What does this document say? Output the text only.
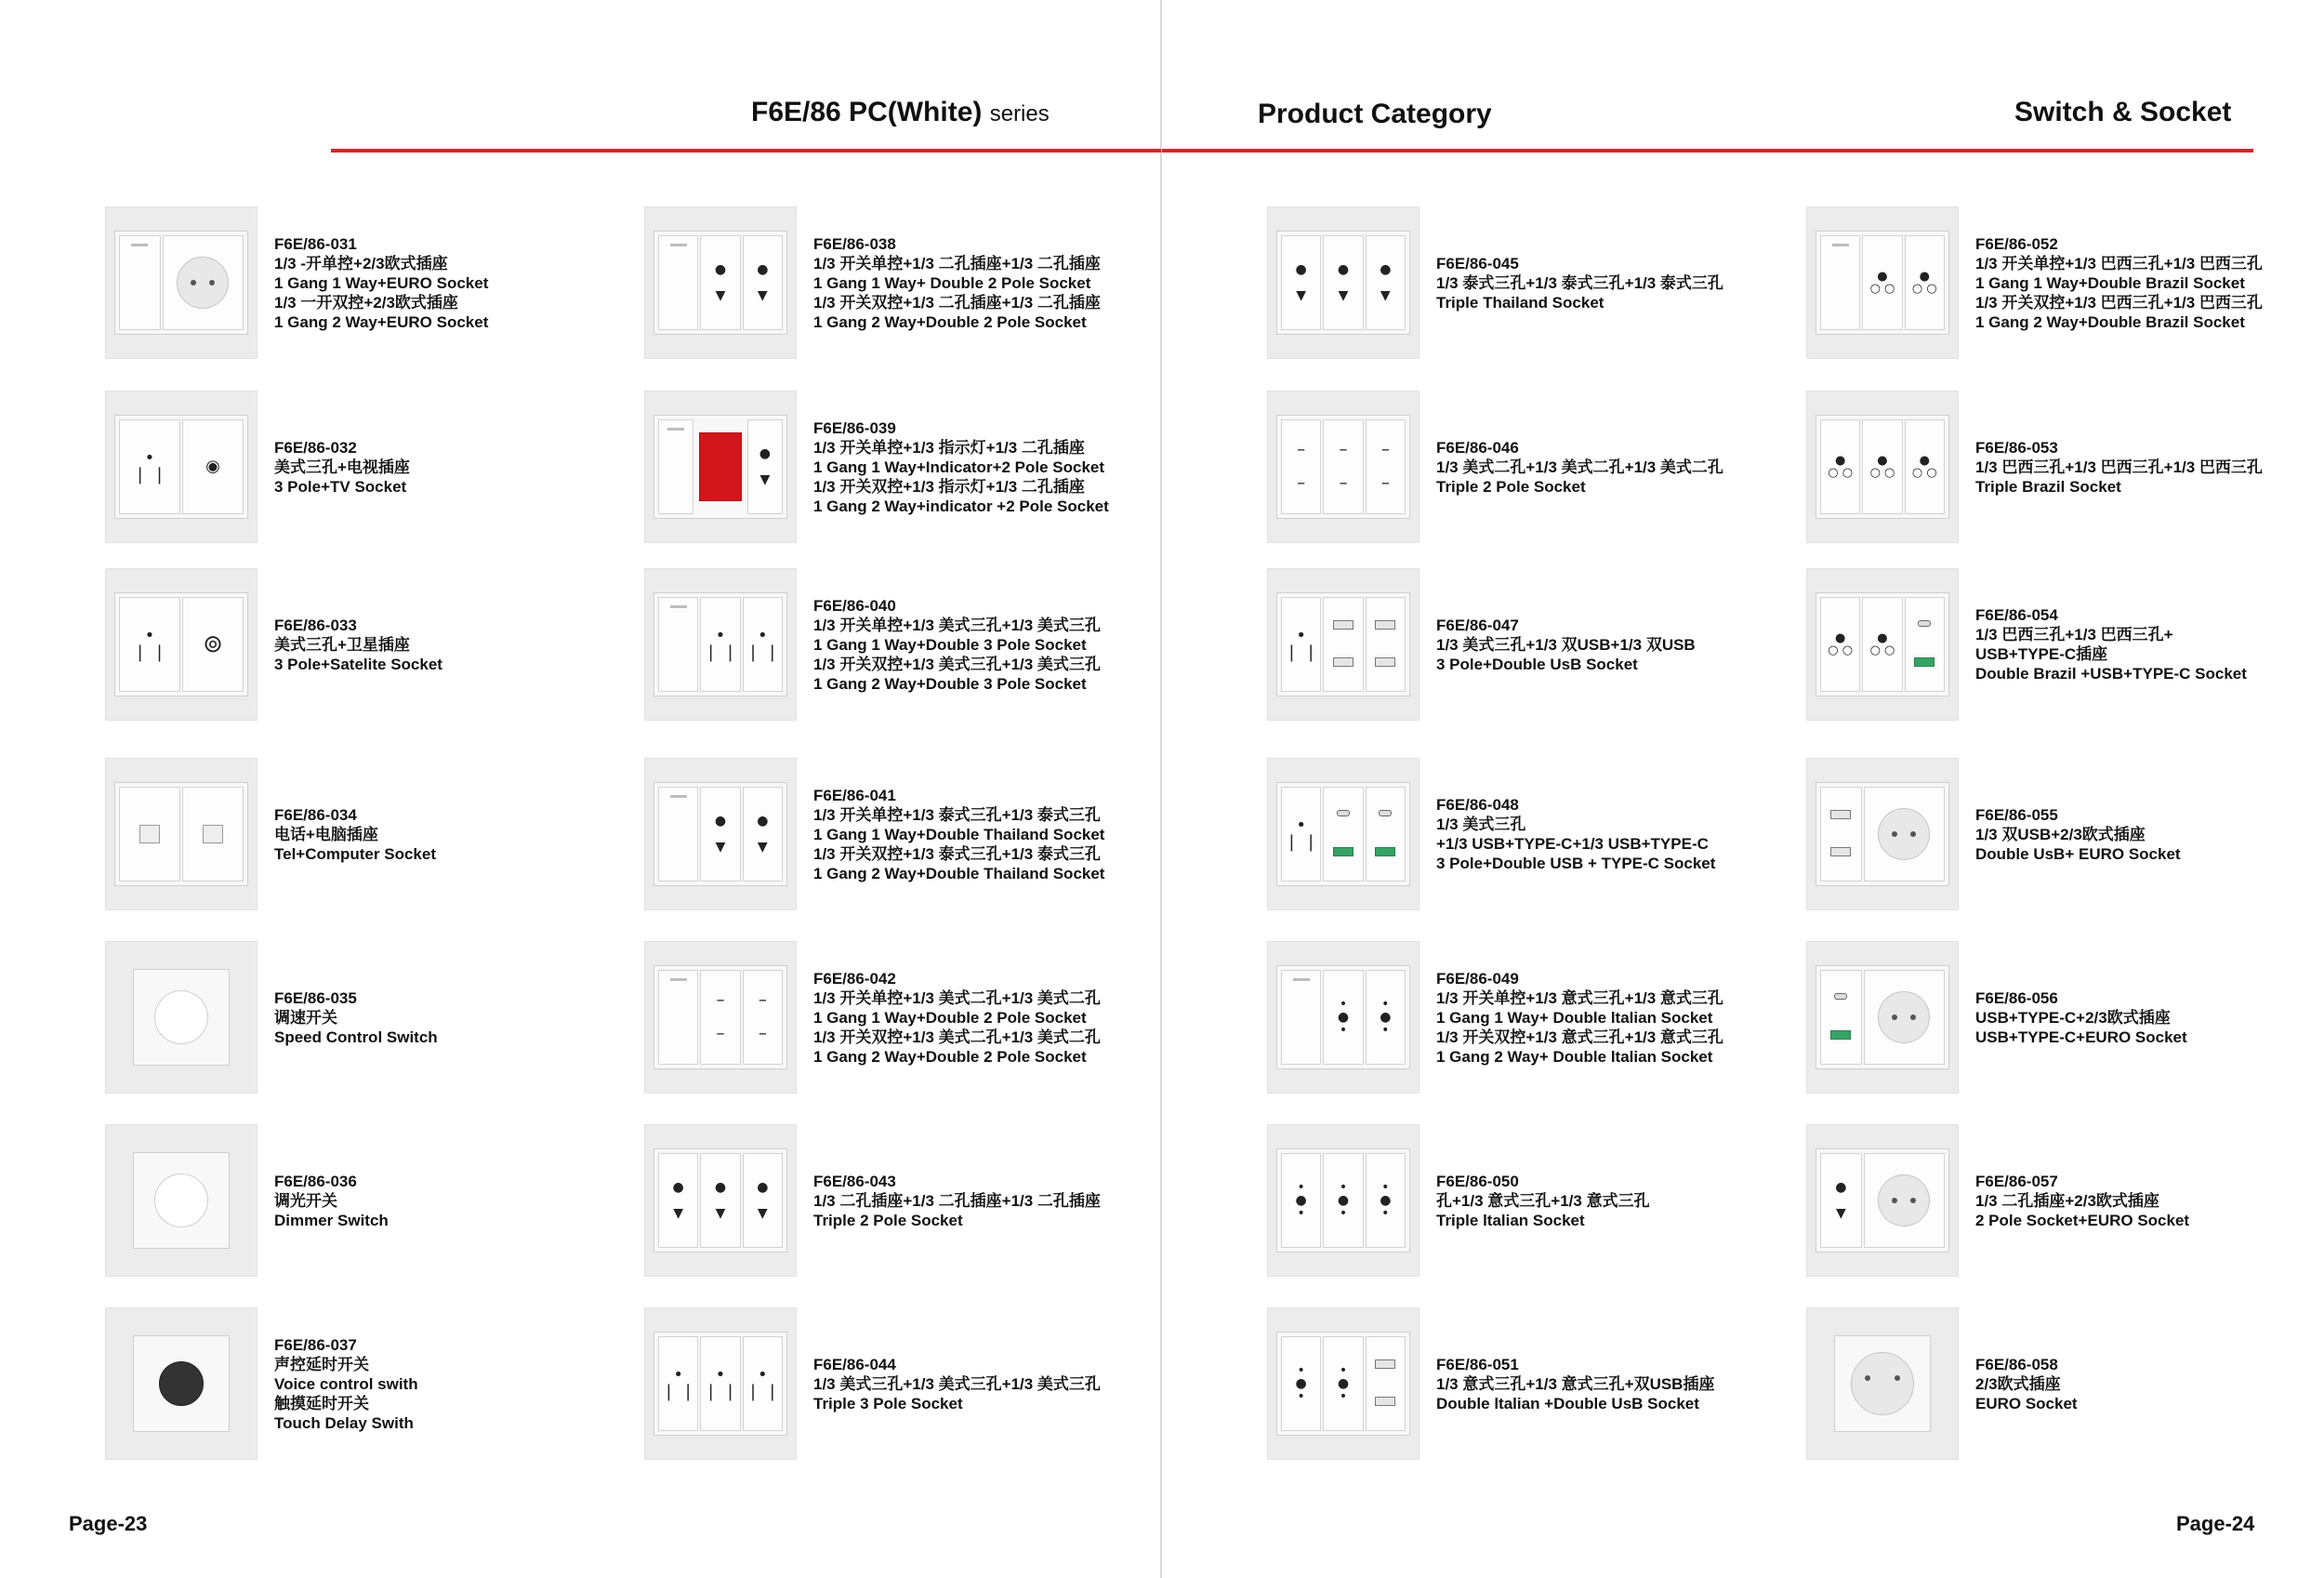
F6E/86 PC(White) series	Product Category	Switch & Socket
Page-23	Page-24
F6E/86-031
1/3 -开单控+2/3欧式插座
1 Gang 1 Way+EURO Socket
1/3 一开双控+2/3欧式插座
1 Gang 2 Way+EURO Socket
•
❘ ❘ ◉
F6E/86-032
美式三孔+电视插座
3 Pole+TV Socket
•
❘ ❘ ⊚
F6E/86-033
美式三孔+卫星插座
3 Pole+Satelite Socket
F6E/86-034
电话+电脑插座
Tel+Computer Socket
F6E/86-035
调速开关
Speed Control Switch
F6E/86-036
调光开关
Dimmer Switch
F6E/86-037
声控延时开关
Voice control swith
触摸延时开关
Touch Delay Swith
●

▼
●

▼
F6E/86-038
1/3 开关单控+1/3 二孔插座+1/3 二孔插座
1 Gang 1 Way+ Double 2 Pole Socket
1/3 开关双控+1/3 二孔插座+1/3 二孔插座
1 Gang 2 Way+Double 2 Pole Socket
●

▼
F6E/86-039
1/3 开关单控+1/3 指示灯+1/3 二孔插座
1 Gang 1 Way+Indicator+2 Pole Socket
1/3 开关双控+1/3 指示灯+1/3 二孔插座
1 Gang 2 Way+indicator +2 Pole Socket
•
❘ ❘
•
❘ ❘
F6E/86-040
1/3 开关单控+1/3 美式三孔+1/3 美式三孔
1 Gang 1 Way+Double 3 Pole Socket
1/3 开关双控+1/3 美式三孔+1/3 美式三孔
1 Gang 2 Way+Double 3 Pole Socket
●

▼
●

▼
F6E/86-041
1/3 开关单控+1/3 泰式三孔+1/3 泰式三孔
1 Gang 1 Way+Double Thailand Socket
1/3 开关双控+1/3 泰式三孔+1/3 泰式三孔
1 Gang 2 Way+Double Thailand Socket
–

–
–

–
F6E/86-042
1/3 开关单控+1/3 美式二孔+1/3 美式二孔
1 Gang 1 Way+Double 2 Pole Socket
1/3 开关双控+1/3 美式二孔+1/3 美式二孔
1 Gang 2 Way+Double 2 Pole Socket
●

▼
●

▼
●

▼
F6E/86-043
1/3 二孔插座+1/3 二孔插座+1/3 二孔插座
Triple 2 Pole Socket
•
❘ ❘
•
❘ ❘
•
❘ ❘
F6E/86-044
1/3 美式三孔+1/3 美式三孔+1/3 美式三孔
Triple 3 Pole Socket
●

▼
●

▼
●

▼
F6E/86-045
1/3 泰式三孔+1/3 泰式三孔+1/3 泰式三孔
Triple Thailand Socket
–

–
–

–
–

–
F6E/86-046
1/3 美式二孔+1/3 美式二孔+1/3 美式二孔
Triple 2 Pole Socket
•
❘ ❘
F6E/86-047
1/3 美式三孔+1/3 双USB+1/3 双USB
3 Pole+Double UsB Socket
•
❘ ❘
F6E/86-048
1/3 美式三孔
+1/3 USB+TYPE-C+1/3 USB+TYPE-C
3 Pole+Double USB + TYPE-C Socket
•
●
•
•
●
•
F6E/86-049
1/3 开关单控+1/3 意式三孔+1/3 意式三孔
1 Gang 1 Way+ Double ltalian Socket
1/3 开关双控+1/3 意式三孔+1/3 意式三孔
1 Gang 2 Way+ Double ltalian Socket
•
●
•
•
●
•
•
●
•
F6E/86-050
孔+1/3 意式三孔+1/3 意式三孔
Triple ltalian Socket
•
●
•
•
●
•
F6E/86-051
1/3 意式三孔+1/3 意式三孔+双USB插座
Double ltalian +Double UsB Socket
●
○ ○
●
○ ○
F6E/86-052
1/3 开关单控+1/3 巴西三孔+1/3 巴西三孔
1 Gang 1 Way+Double Brazil Socket
1/3 开关双控+1/3 巴西三孔+1/3 巴西三孔
1 Gang 2 Way+Double Brazil Socket
●
○ ○
●
○ ○
●
○ ○
F6E/86-053
1/3 巴西三孔+1/3 巴西三孔+1/3 巴西三孔
Triple Brazil Socket
●
○ ○
●
○ ○
F6E/86-054
1/3 巴西三孔+1/3 巴西三孔+
USB+TYPE-C插座
Double Brazil +USB+TYPE-C Socket
F6E/86-055
1/3 双USB+2/3欧式插座
Double UsB+ EURO Socket
F6E/86-056
USB+TYPE-C+2/3欧式插座
USB+TYPE-C+EURO Socket
●

▼
F6E/86-057
1/3 二孔插座+2/3欧式插座
2 Pole Socket+EURO Socket
F6E/86-058
2/3欧式插座
EURO Socket
